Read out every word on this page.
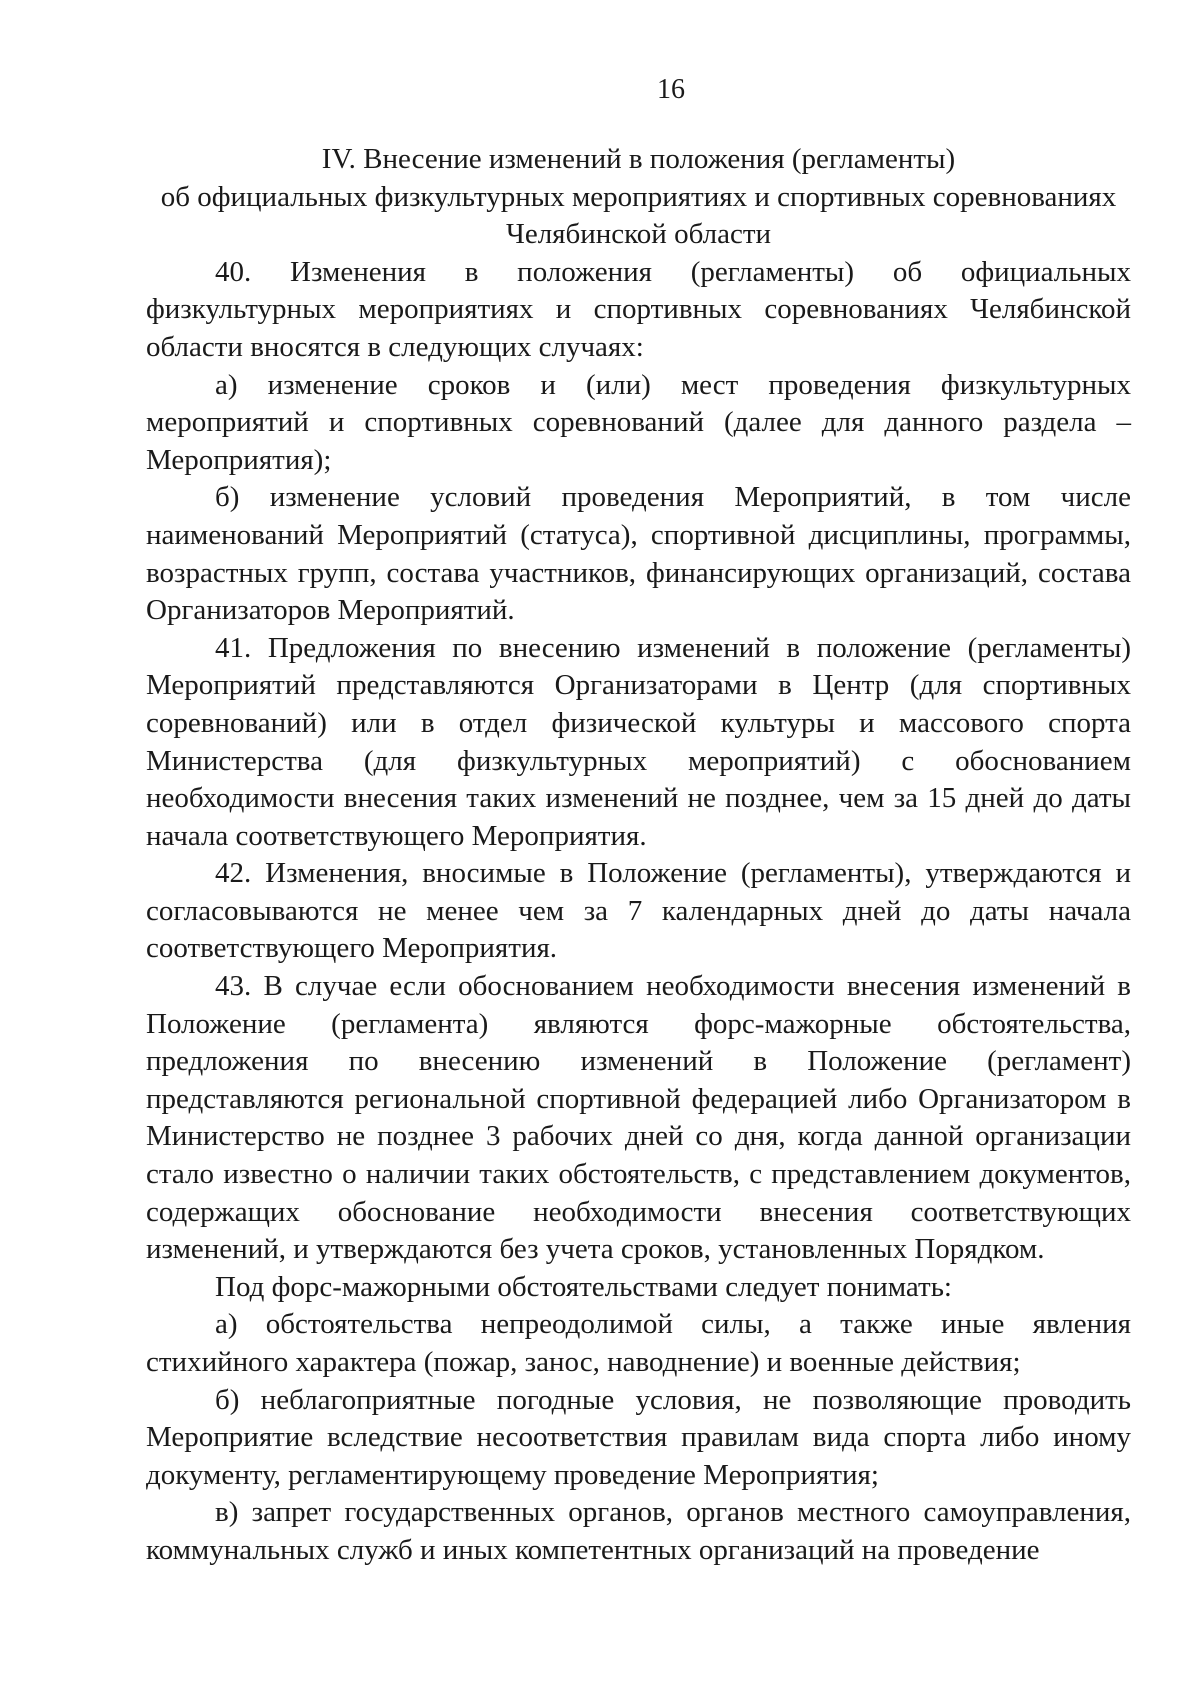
16

IV. Внесение изменений в положения (регламенты)
об официальных физкультурных мероприятиях и спортивных соревнованиях
Челябинской области

40. Изменения в положения (регламенты) об официальных физкультурных мероприятиях и спортивных соревнованиях Челябинской области вносятся в следующих случаях:

а) изменение сроков и (или) мест проведения физкультурных мероприятий и спортивных соревнований (далее для данного раздела – Мероприятия);

б) изменение условий проведения Мероприятий, в том числе наименований Мероприятий (статуса), спортивной дисциплины, программы, возрастных групп, состава участников, финансирующих организаций, состава Организаторов Мероприятий.

41. Предложения по внесению изменений в положение (регламенты) Мероприятий представляются Организаторами в Центр (для спортивных соревнований) или в отдел физической культуры и массового спорта Министерства (для физкультурных мероприятий) с обоснованием необходимости внесения таких изменений не позднее, чем за 15 дней до даты начала соответствующего Мероприятия.

42. Изменения, вносимые в Положение (регламенты), утверждаются и согласовываются не менее чем за 7 календарных дней до даты начала соответствующего Мероприятия.

43. В случае если обоснованием необходимости внесения изменений в Положение (регламента) являются форс-мажорные обстоятельства, предложения по внесению изменений в Положение (регламент) представляются региональной спортивной федерацией либо Организатором в Министерство не позднее 3 рабочих дней со дня, когда данной организации стало известно о наличии таких обстоятельств, с представлением документов, содержащих обоснование необходимости внесения соответствующих изменений, и утверждаются без учета сроков, установленных Порядком.

Под форс-мажорными обстоятельствами следует понимать:

а) обстоятельства непреодолимой силы, а также иные явления стихийного характера (пожар, занос, наводнение) и военные действия;

б) неблагоприятные погодные условия, не позволяющие проводить Мероприятие вследствие несоответствия правилам вида спорта либо иному документу, регламентирующему проведение Мероприятия;

в) запрет государственных органов, органов местного самоуправления, коммунальных служб и иных компетентных организаций на проведение
